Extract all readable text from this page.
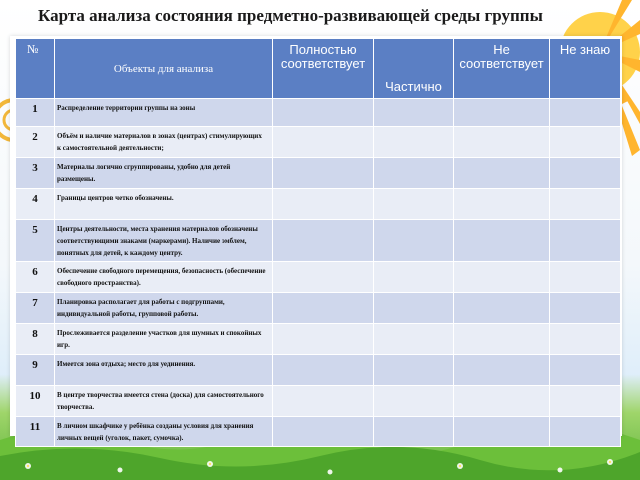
Карта анализа состояния предметно-развивающей среды группы
№	Объекты для анализа	Полностью соответствует	Частично	Не соответствует	Не знаю
1	Распределение территории группы на зоны				
2	Объём и наличие материалов в зонах (центрах) стимулирующих к самостоятельной деятельности;				
3	Материалы логично сгруппированы, удобно для детей размещены.				
4	Границы центров четко обозначены.				
5	Центры деятельности, места хранения материалов обозначены соответствующими знаками (маркерами). Наличие эмблем, понятных для детей, к каждому центру.				
6	Обеспечение свободного перемещения, безопасность (обеспечение свободного пространства).				
7	Планировка располагает для работы с подгруппами, индивидуальной работы, групповой работы.				
8	Прослеживается разделение участков для шумных и спокойных игр.				
9	Имеется зона отдыха; место для уединения.				
10	В центре творчества имеется стена (доска) для самостоятельного творчества.				
11	В личном шкафчике у ребёнка созданы условия для хранения личных вещей (уголок, пакет, сумочка).				
